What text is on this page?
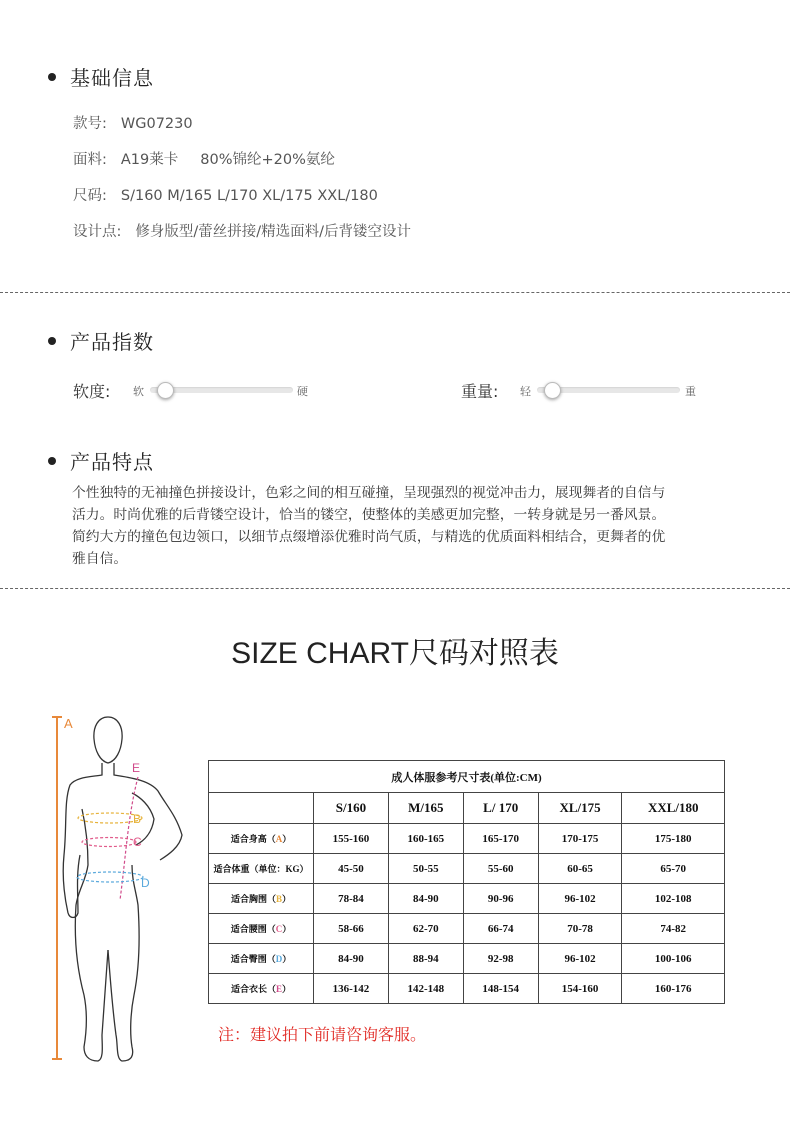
基础信息
款号: WG07230
面料: A19莱卡 80%锦纶+20%氨纶
尺码: S/160 M/165 L/170 XL/175 XXL/180
设计点: 修身版型/蕾丝拼接/精选面料/后背镂空设计
产品指数
软度: 软	硬	重量: 轻	重
产品特点
个性独特的无袖撞色拼接设计，色彩之间的相互碰撞，呈现强烈的视觉冲击力，展现舞者的自信与
活力。时尚优雅的后背镂空设计，恰当的镂空，使整体的美感更加完整，一转身就是另一番风景。
简约大方的撞色包边领口，以细节点缀增添优雅时尚气质，与精选的优质面料相结合，更舞者的优
雅自信。
SIZE CHART尺码对照表
A
E
B
C
D
成人体服参考尺寸表(单位:CM)					
	S/160	M/165	L/ 170	XL/175	XXL/180
适合身高（A）	155-160	160-165	165-170	170-175	175-180
适合体重（单位：KG）	45-50	50-55	55-60	60-65	65-70
适合胸围（B）	78-84	84-90	90-96	96-102	102-108
适合腰围（C）	58-66	62-70	66-74	70-78	74-82
适合臀围（D）	84-90	88-94	92-98	96-102	100-106
适合衣长（E）	136-142	142-148	148-154	154-160	160-176
注：建议拍下前请咨询客服。
